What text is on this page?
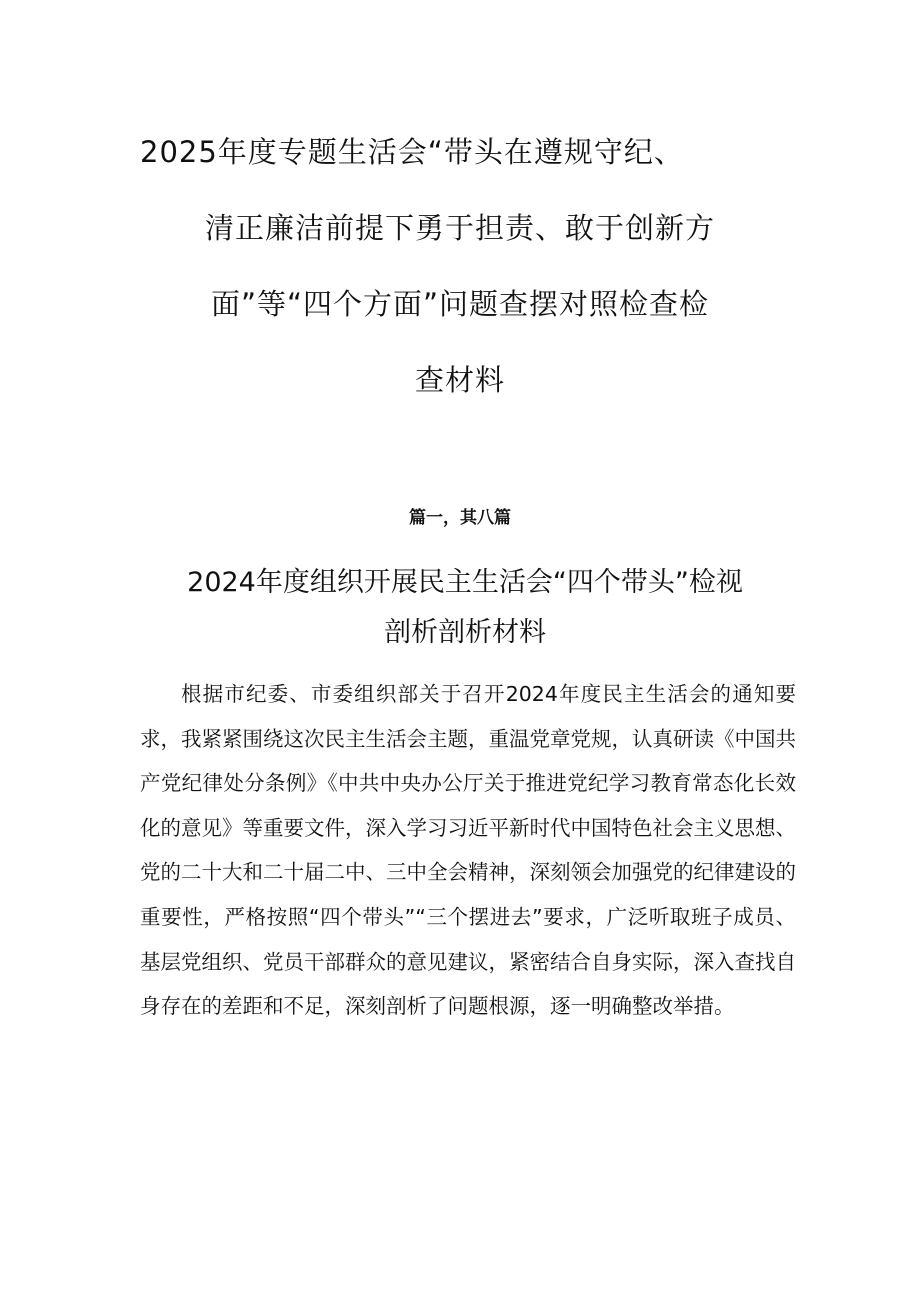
2025年度专题生活会“带头在遵规守纪、
清正廉洁前提下勇于担责、敢于创新方
面”等“四个方面”问题查摆对照检查检
查材料
篇一，其八篇
2024年度组织开展民主生活会“四个带头”检视
剖析剖析材料

根据市纪委、市委组织部关于召开2024年度民主生活会的通知要求，我紧紧围绕这次民主生活会主题，重温党章党规，认真研读《中国共产党纪律处分条例》《中共中央办公厅关于推进党纪学习教育常态化长效化的意见》等重要文件，深入学习习近平新时代中国特色社会主义思想、党的二十大和二十届二中、三中全会精神，深刻领会加强党的纪律建设的重要性，严格按照“四个带头”“三个摆进去”要求，广泛听取班子成员、基层党组织、党员干部群众的意见建议，紧密结合自身实际，深入查找自身存在的差距和不足，深刻剖析了问题根源，逐一明确整改举措。
